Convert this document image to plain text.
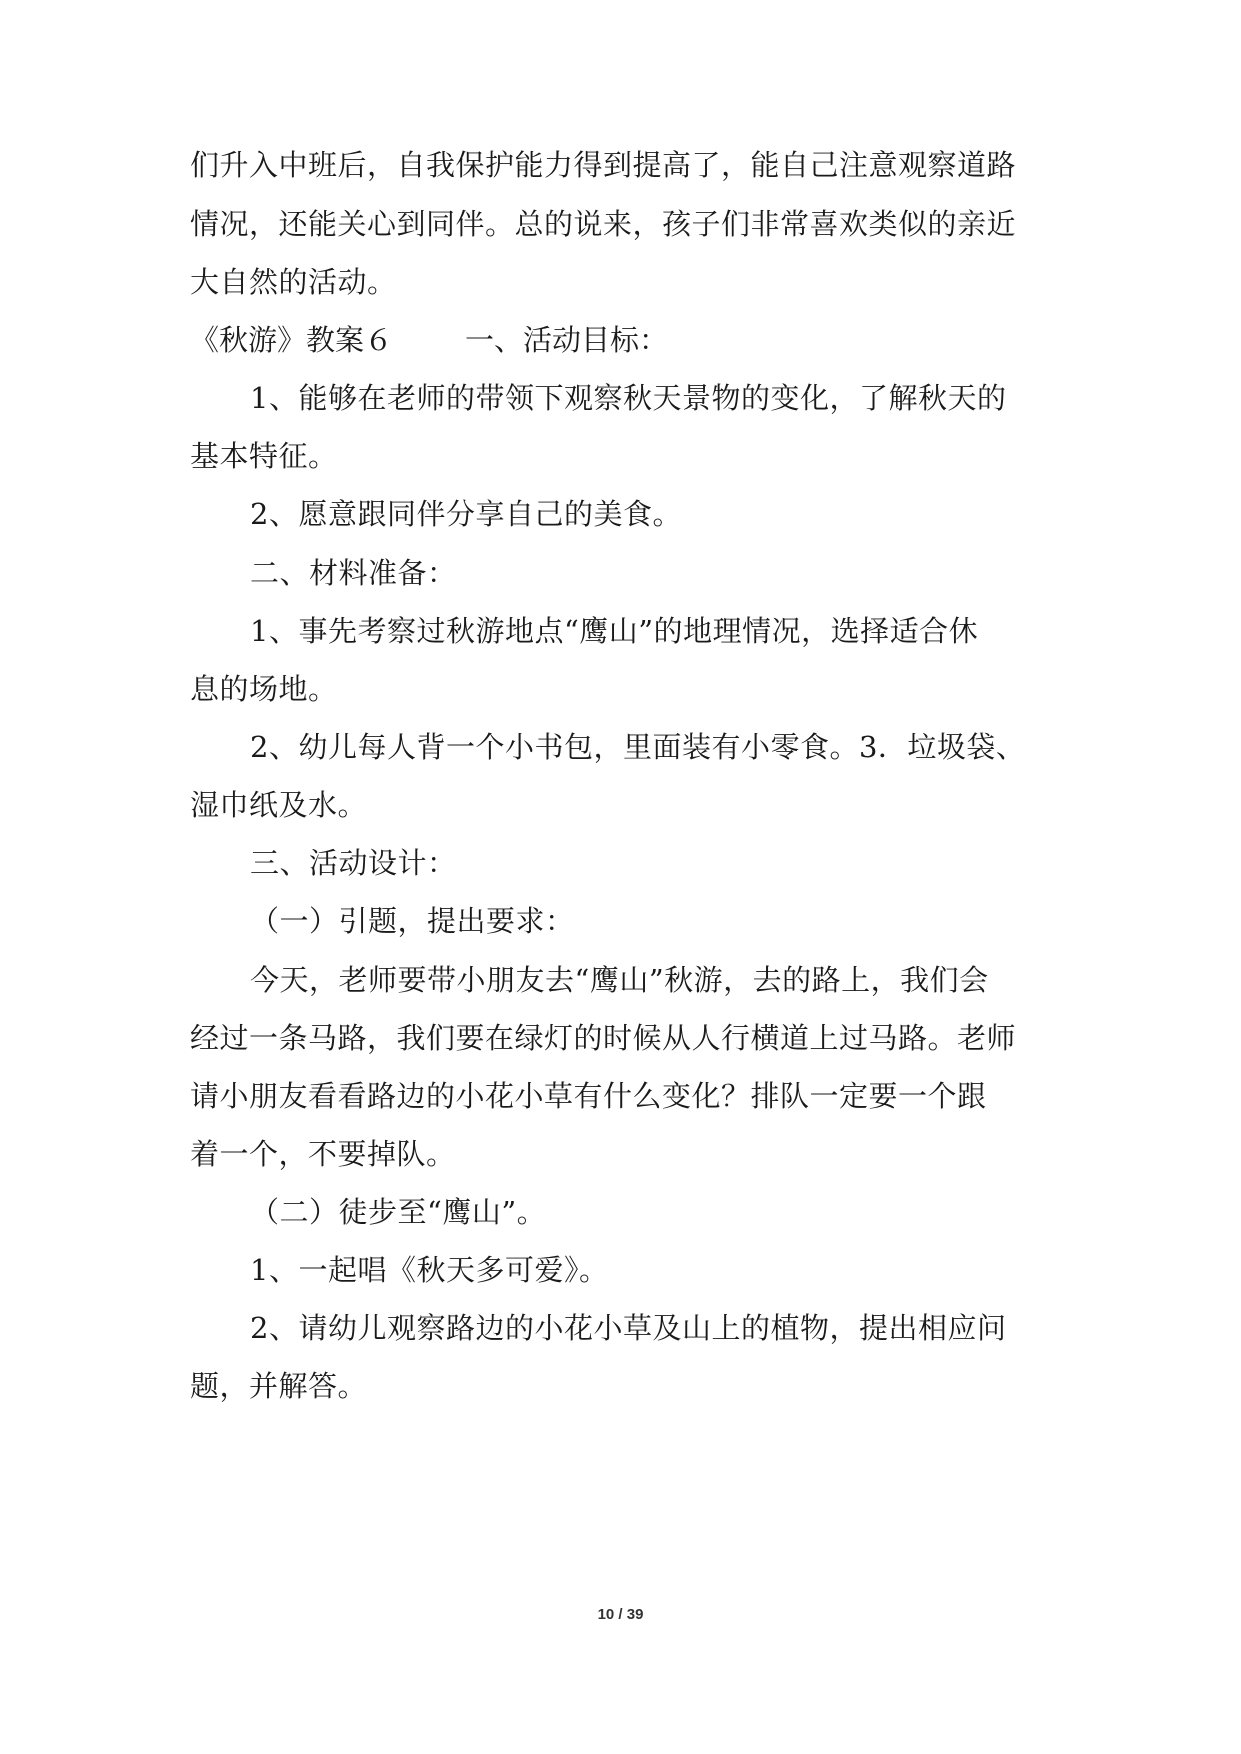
们升入中班后，自我保护能力得到提高了，能自己注意观察道路
情况，还能关心到同伴。总的说来，孩子们非常喜欢类似的亲近
大自然的活动。
《秋游》教案６ 一、活动目标：
1、能够在老师的带领下观察秋天景物的变化，了解秋天的
基本特征。
2、愿意跟同伴分享自己的美食。
二、材料准备：
1、事先考察过秋游地点“鹰山”的地理情况，选择适合休
息的场地。
2、幼儿每人背一个小书包，里面装有小零食。3．垃圾袋、
湿巾纸及水。
三、活动设计：
（一）引题，提出要求：
今天，老师要带小朋友去“鹰山”秋游，去的路上，我们会
经过一条马路，我们要在绿灯的时候从人行横道上过马路。老师
请小朋友看看路边的小花小草有什么变化？排队一定要一个跟
着一个，不要掉队。
（二）徒步至“鹰山”。
1、一起唱《秋天多可爱》。
2、请幼儿观察路边的小花小草及山上的植物，提出相应问
题，并解答。
10 / 39
